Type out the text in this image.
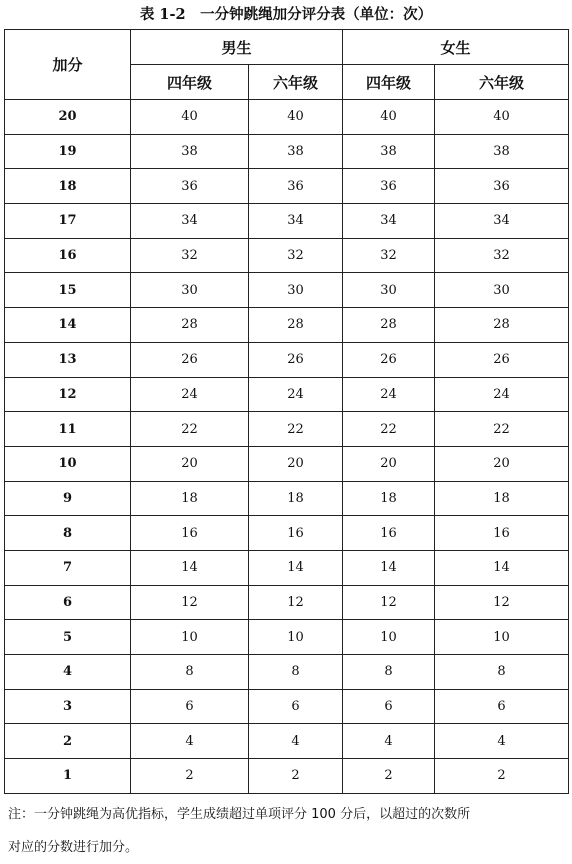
表 1-2　一分钟跳绳加分评分表（单位：次）
加分	男生		女生	
	四年级	六年级	四年级	六年级
20	40	40	40	40
19	38	38	38	38
18	36	36	36	36
17	34	34	34	34
16	32	32	32	32
15	30	30	30	30
14	28	28	28	28
13	26	26	26	26
12	24	24	24	24
11	22	22	22	22
10	20	20	20	20
9	18	18	18	18
8	16	16	16	16
7	14	14	14	14
6	12	12	12	12
5	10	10	10	10
4	8	8	8	8
3	6	6	6	6
2	4	4	4	4
1	2	2	2	2

注：一分钟跳绳为高优指标，学生成绩超过单项评分 100 分后，以超过的次数所

对应的分数进行加分。
